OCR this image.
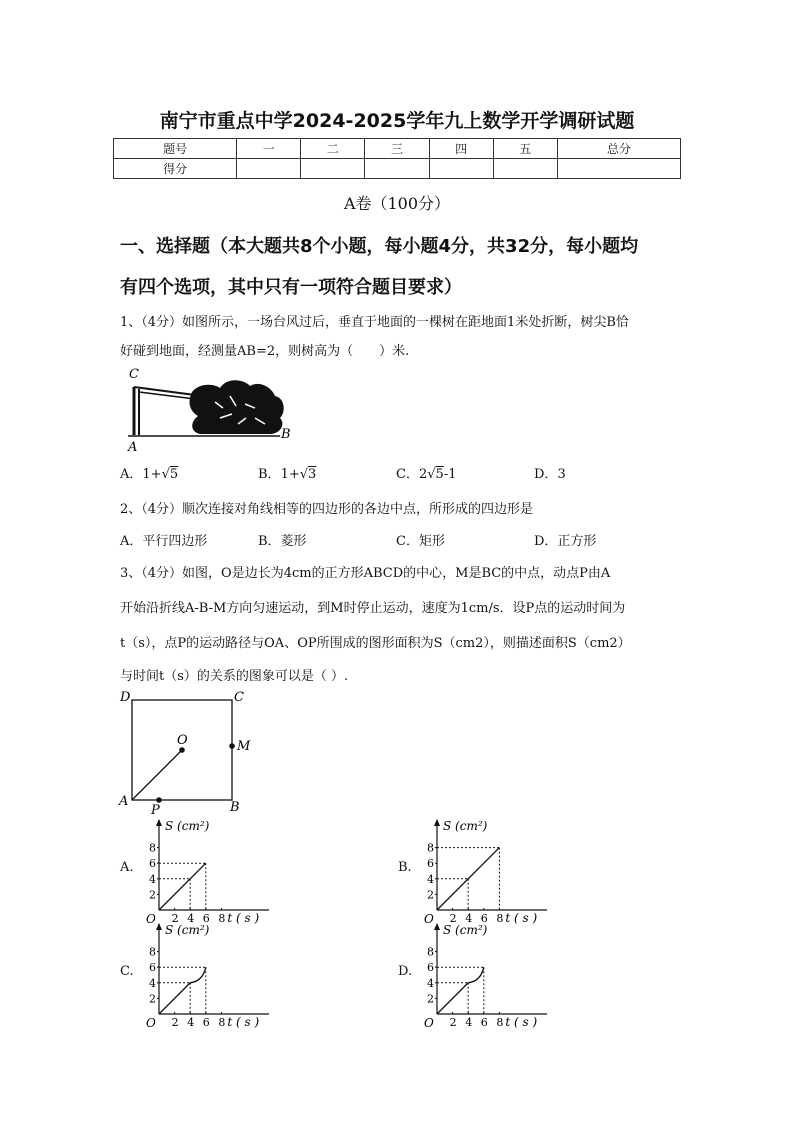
南宁市重点中学2024-2025学年九上数学开学调研试题
题号	一	二	三	四	五	总分
得分						
A卷（100分）
一、选择题（本大题共8个小题，每小题4分，共32分，每小题均
有四个选项，其中只有一项符合题目要求）
1、（4分）如图所示，一场台风过后，垂直于地面的一棵树在距地面1米处折断，树尖B恰
好碰到地面，经测量AB=2，则树高为（　　）米.
C
A
B
A．1+√5	B．1+√3	C．2√5-1	D．3
2、（4分）顺次连接对角线相等的四边形的各边中点，所形成的四边形是
A．平行四边形	B．菱形	C．矩形	D．正方形
3、（4分）如图，O是边长为4cm的正方形ABCD的中心，M是BC的中点，动点P由A
开始沿折线A-B-M方向匀速运动，到M时停止运动，速度为1cm/s．设P点的运动时间为
t（s），点P的运动路径与OA、OP所围成的图形面积为S（cm2），则描述面积S（cm2）
与时间t（s）的关系的图象可以是（ ）.
D	C
O	M
A	B
P
A.	B.
C.	D.
8
6
4
2
2 4 6 8
O
S (cm²)
t ( s )
8
6
4
2
2 4 6 8
O
S (cm²)
t ( s )
8
6
4
2
2 4 6 8
O
S (cm²)
t ( s )
8
6
4
2
2 4 6 8
O
S (cm²)
t ( s )
